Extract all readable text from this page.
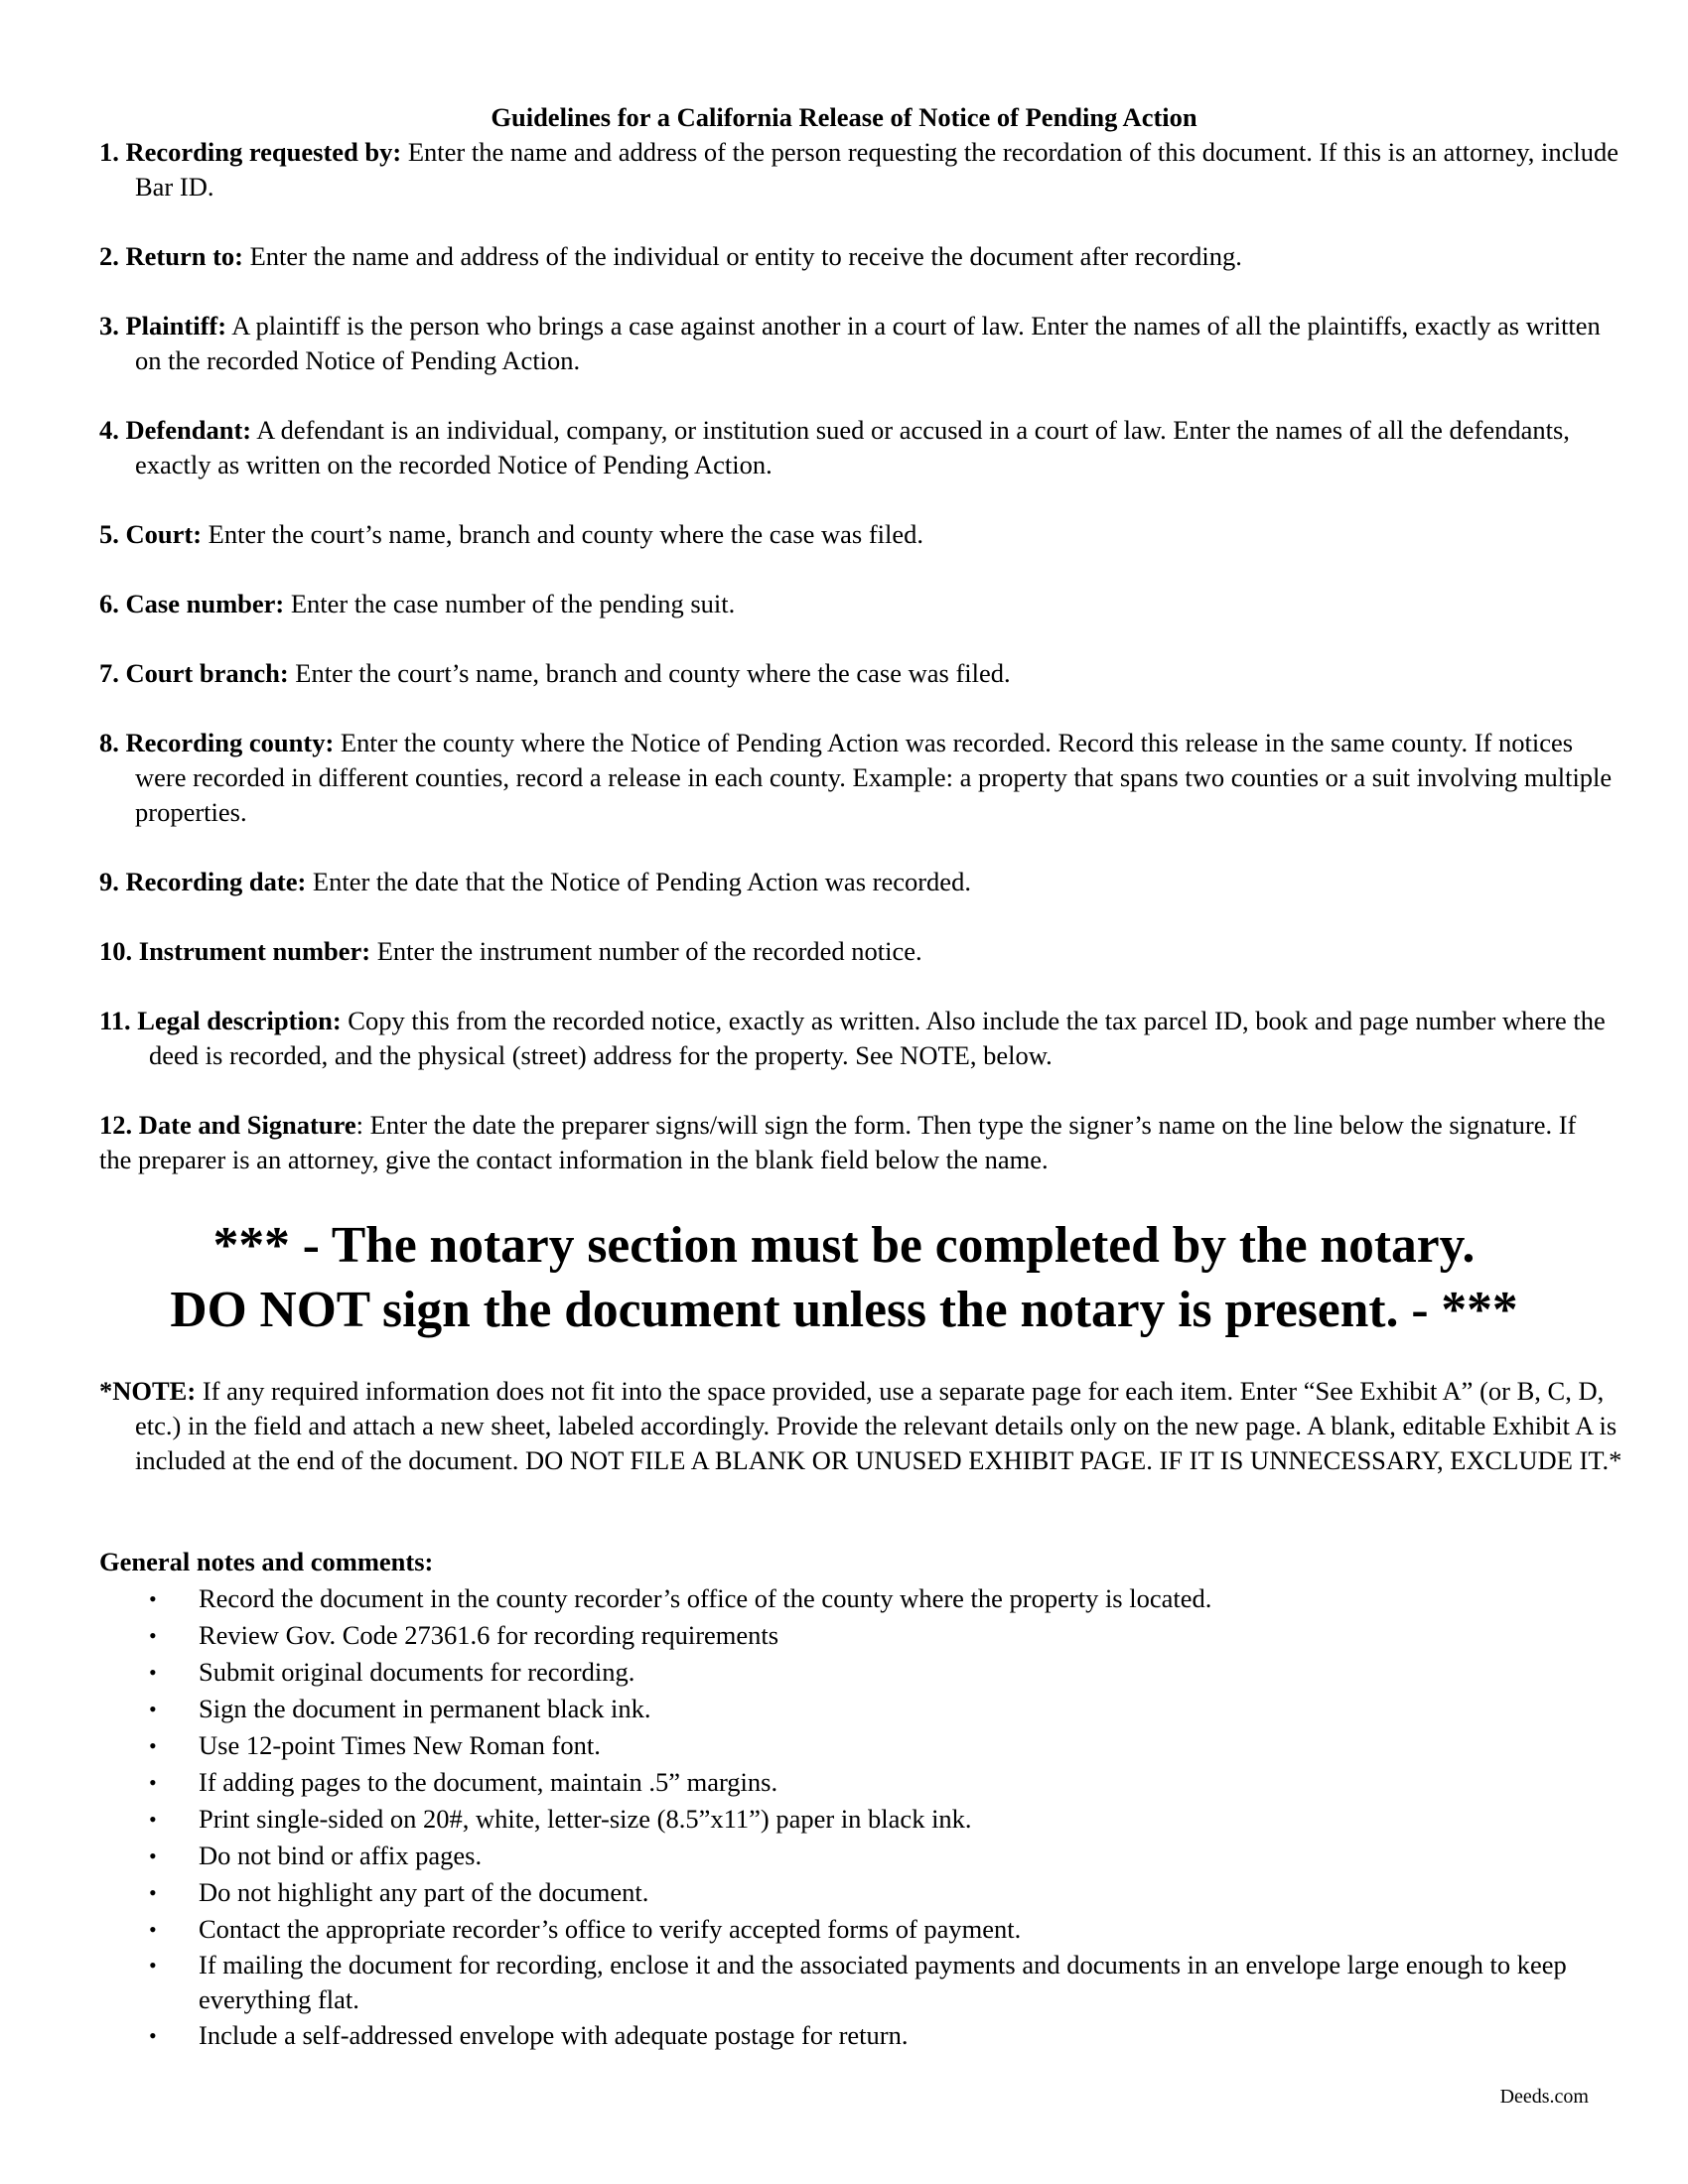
Guidelines for a California Release of Notice of Pending Action

1. Recording requested by: Enter the name and address of the person requesting the recordation of this document. If this is an attorney, include Bar ID.

2. Return to: Enter the name and address of the individual or entity to receive the document after recording.

3. Plaintiff: A plaintiff is the person who brings a case against another in a court of law. Enter the names of all the plaintiffs, exactly as written on the recorded Notice of Pending Action.

4. Defendant: A defendant is an individual, company, or institution sued or accused in a court of law. Enter the names of all the defendants, exactly as written on the recorded Notice of Pending Action.

5. Court: Enter the court’s name, branch and county where the case was filed.

6. Case number: Enter the case number of the pending suit.

7. Court branch: Enter the court’s name, branch and county where the case was filed.

8. Recording county: Enter the county where the Notice of Pending Action was recorded. Record this release in the same county. If notices were recorded in different counties, record a release in each county. Example: a property that spans two counties or a suit involving multiple properties.

9. Recording date: Enter the date that the Notice of Pending Action was recorded.

10. Instrument number: Enter the instrument number of the recorded notice.

11. Legal description: Copy this from the recorded notice, exactly as written. Also include the tax parcel ID, book and page number where the deed is recorded, and the physical (street) address for the property. See NOTE, below.

12. Date and Signature: Enter the date the preparer signs/will sign the form. Then type the signer’s name on the line below the signature. If the preparer is an attorney, give the contact information in the blank field below the name.

*** - The notary section must be completed by the notary.
DO NOT sign the document unless the notary is present. - ***

*NOTE: If any required information does not fit into the space provided, use a separate page for each item. Enter “See Exhibit A” (or B, C, D, etc.) in the field and attach a new sheet, labeled accordingly. Provide the relevant details only on the new page. A blank, editable Exhibit A is included at the end of the document. DO NOT FILE A BLANK OR UNUSED EXHIBIT PAGE. IF IT IS UNNECESSARY, EXCLUDE IT.*

General notes and comments:

• Record the document in the county recorder’s office of the county where the property is located.
• Review Gov. Code 27361.6 for recording requirements
• Submit original documents for recording.
• Sign the document in permanent black ink.
• Use 12-point Times New Roman font.
• If adding pages to the document, maintain .5” margins.
• Print single-sided on 20#, white, letter-size (8.5”x11”) paper in black ink.
• Do not bind or affix pages.
• Do not highlight any part of the document.
• Contact the appropriate recorder’s office to verify accepted forms of payment.
• If mailing the document for recording, enclose it and the associated payments and documents in an envelope large enough to keep everything flat.
• Include a self-addressed envelope with adequate postage for return.

Deeds.com
